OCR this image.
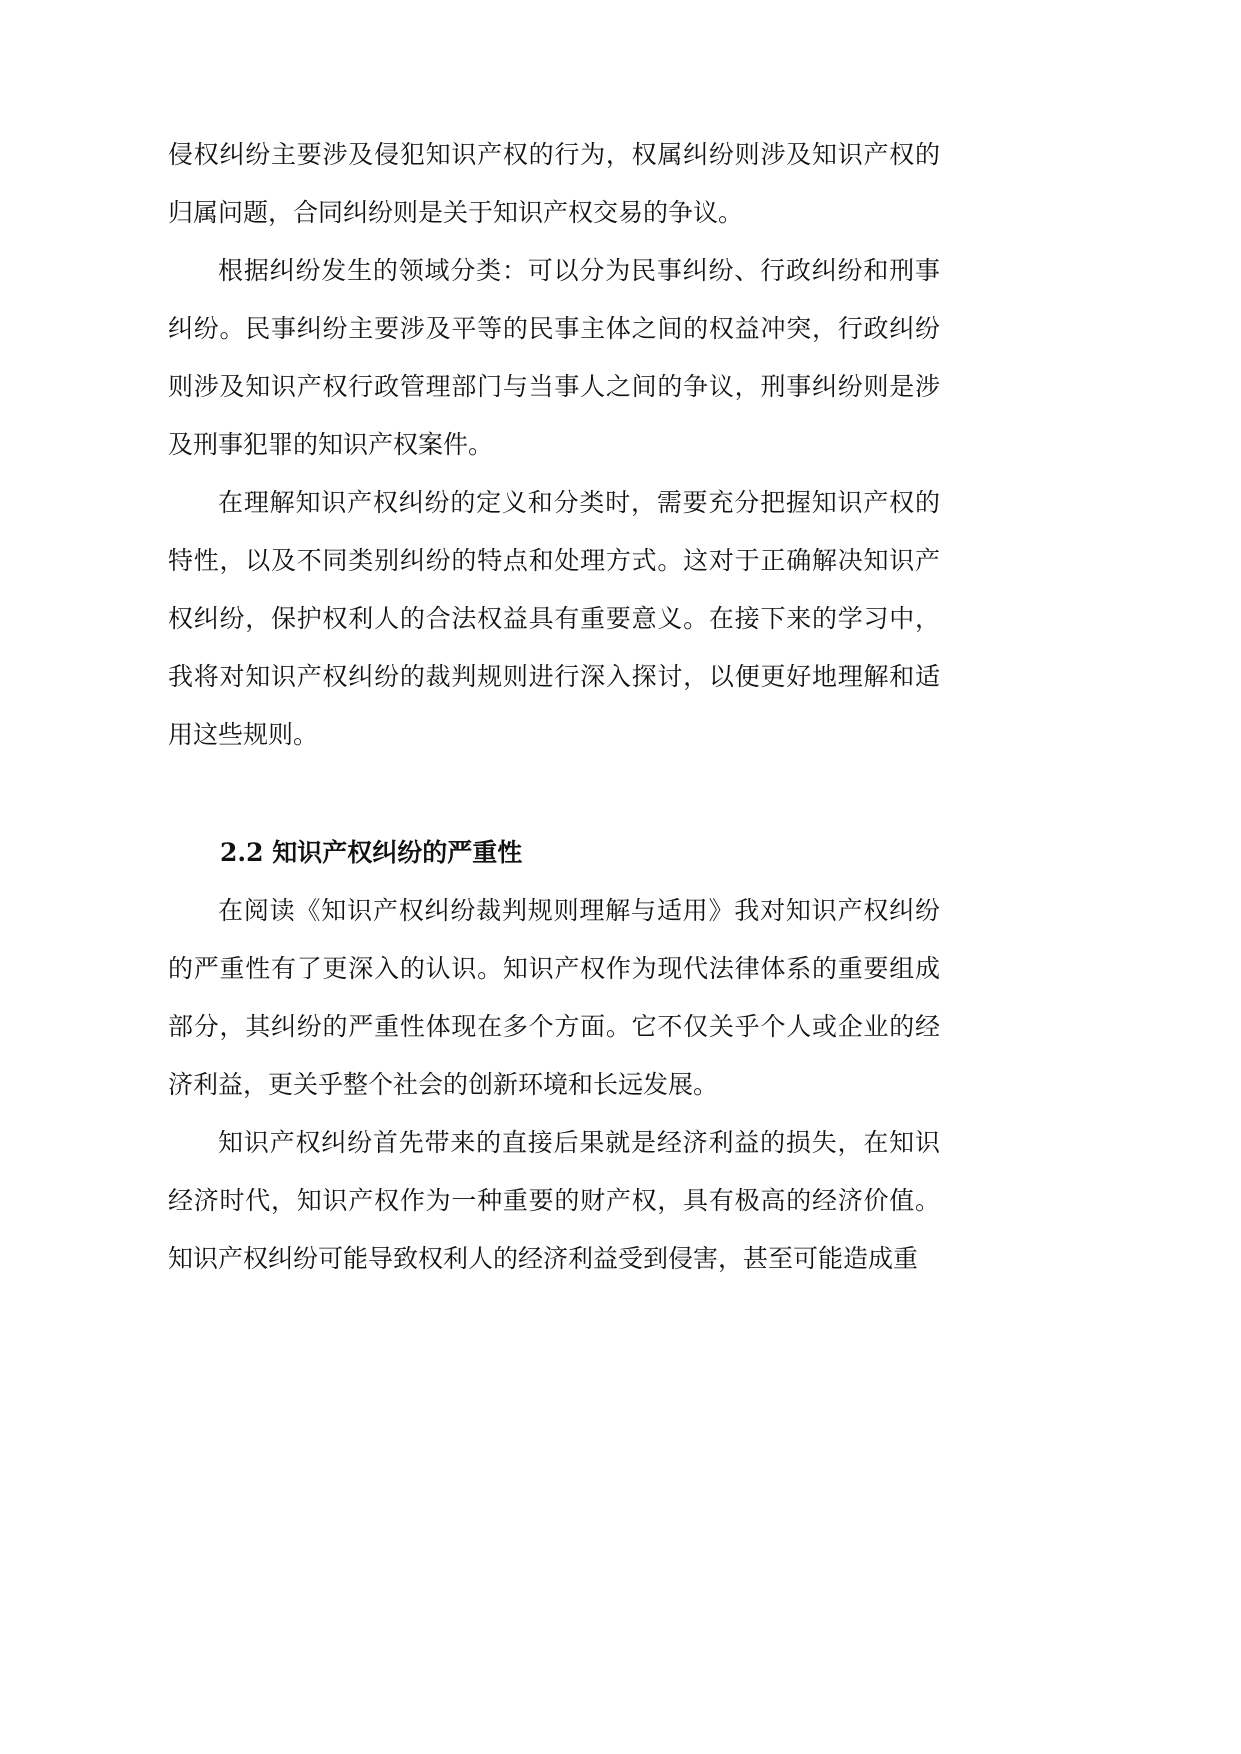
侵权纠纷主要涉及侵犯知识产权的行为，权属纠纷则涉及知识产权的归属问题，合同纠纷则是关于知识产权交易的争议。

根据纠纷发生的领域分类：可以分为民事纠纷、行政纠纷和刑事纠纷。民事纠纷主要涉及平等的民事主体之间的权益冲突，行政纠纷则涉及知识产权行政管理部门与当事人之间的争议，刑事纠纷则是涉及刑事犯罪的知识产权案件。

在理解知识产权纠纷的定义和分类时，需要充分把握知识产权的特性，以及不同类别纠纷的特点和处理方式。这对于正确解决知识产权纠纷，保护权利人的合法权益具有重要意义。在接下来的学习中，我将对知识产权纠纷的裁判规则进行深入探讨，以便更好地理解和适用这些规则。

2.2 知识产权纠纷的严重性

在阅读《知识产权纠纷裁判规则理解与适用》我对知识产权纠纷的严重性有了更深入的认识。知识产权作为现代法律体系的重要组成部分，其纠纷的严重性体现在多个方面。它不仅关乎个人或企业的经济利益，更关乎整个社会的创新环境和长远发展。

知识产权纠纷首先带来的直接后果就是经济利益的损失，在知识经济时代，知识产权作为一种重要的财产权，具有极高的经济价值。知识产权纠纷可能导致权利人的经济利益受到侵害，甚至可能造成重
